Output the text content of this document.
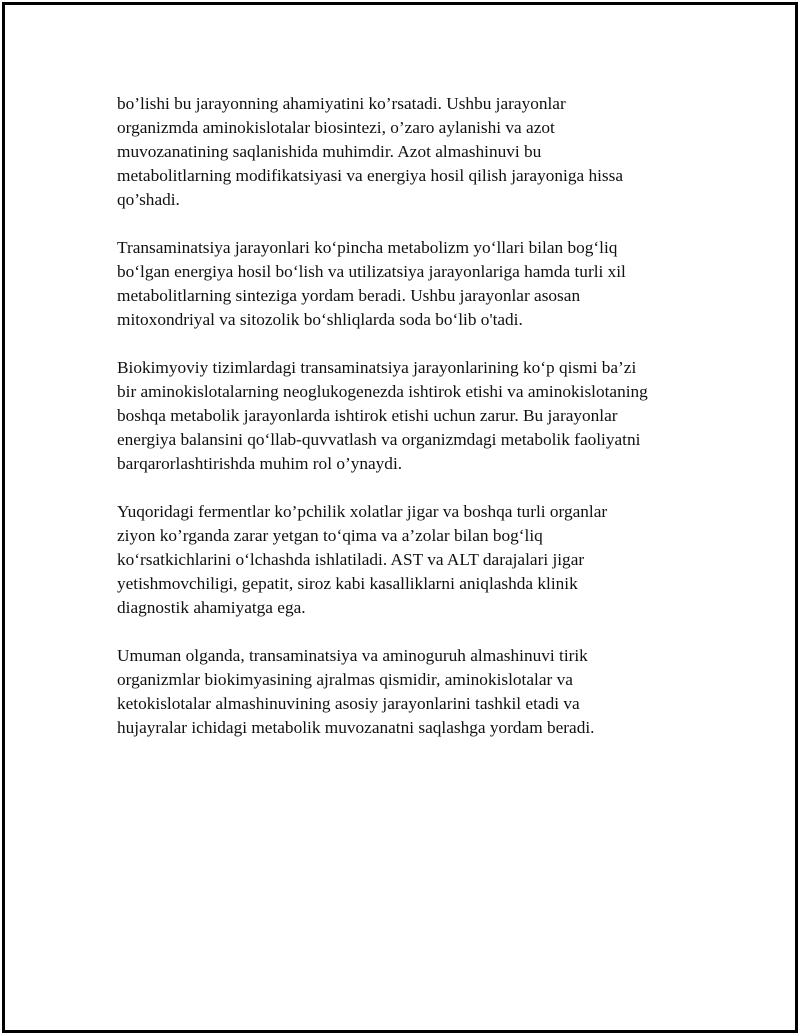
bo’lishi bu jarayonning ahamiyatini ko’rsatadi. Ushbu jarayonlar
organizmda aminokislotalar biosintezi, o’zaro aylanishi va azot
muvozanatining saqlanishida muhimdir. Azot almashinuvi bu
metabolitlarning modifikatsiyasi va energiya hosil qilish jarayoniga hissa
qo’shadi.

Transaminatsiya jarayonlari ko‘pincha metabolizm yo‘llari bilan bog‘liq
bo‘lgan energiya hosil bo‘lish va utilizatsiya jarayonlariga hamda turli xil
metabolitlarning sinteziga yordam beradi. Ushbu jarayonlar asosan
mitoxondriyal va sitozolik bo‘shliqlarda soda bo‘lib o'tadi.

Biokimyoviy tizimlardagi transaminatsiya jarayonlarining ko‘p qismi ba’zi
bir aminokislotalarning neoglukogenezda ishtirok etishi va aminokislotaning
boshqa metabolik jarayonlarda ishtirok etishi uchun zarur. Bu jarayonlar
energiya balansini qo‘llab-quvvatlash va organizmdagi metabolik faoliyatni
barqarorlashtirishda muhim rol o’ynaydi.

Yuqoridagi fermentlar ko’pchilik xolatlar jigar va boshqa turli organlar
ziyon ko’rganda zarar yetgan to‘qima va a’zolar bilan bog‘liq
ko‘rsatkichlarini o‘lchashda ishlatiladi. AST va ALT darajalari jigar
yetishmovchiligi, gepatit, siroz kabi kasalliklarni aniqlashda klinik
diagnostik ahamiyatga ega.

Umuman olganda, transaminatsiya va aminoguruh almashinuvi tirik
organizmlar biokimyasining ajralmas qismidir, aminokislotalar va
ketokislotalar almashinuvining asosiy jarayonlarini tashkil etadi va
hujayralar ichidagi metabolik muvozanatni saqlashga yordam beradi.
